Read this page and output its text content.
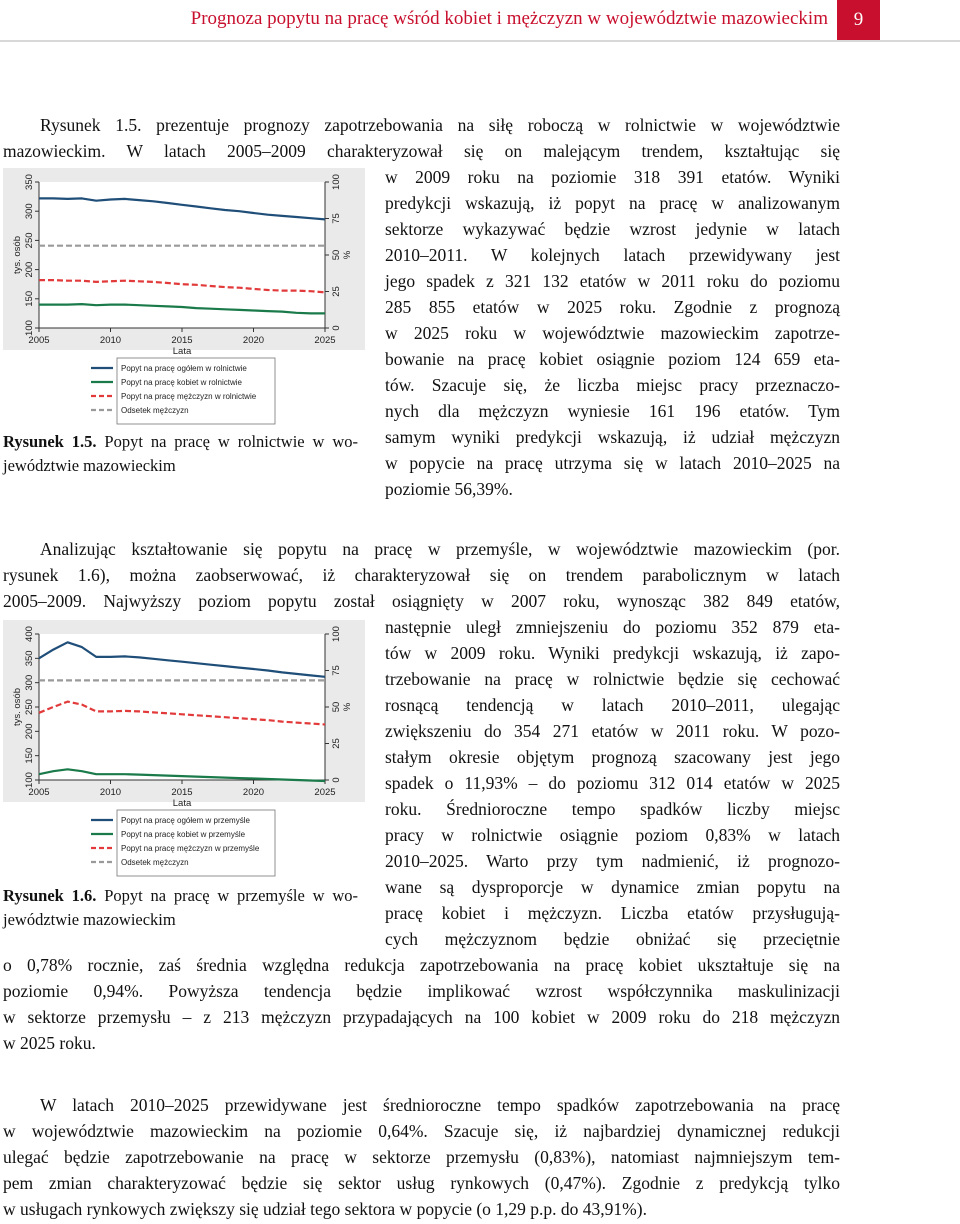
Prognoza popytu na pracę wśród kobiet i mężczyzn w województwie mazowieckim	9
Rysunek 1.5. prezentuje prognozy zapotrzebowania na siłę roboczą w rolnictwie w województwie
mazowieckim. W latach 2005–2009 charakteryzował się on malejącym trendem, kształtując się
w 2009 roku na poziomie 318 391 etatów. Wyniki
predykcji wskazują, iż popyt na pracę w analizowanym
sektorze wykazywać będzie wzrost jedynie w latach
2010–2011. W kolejnych latach przewidywany jest
jego spadek z 321 132 etatów w 2011 roku do poziomu
285 855 etatów w 2025 roku. Zgodnie z prognozą
w 2025 roku w województwie mazowieckim zapotrze-
bowanie na pracę kobiet osiągnie poziom 124 659 eta-
tów. Szacuje się, że liczba miejsc pracy przeznaczo-
nych dla mężczyzn wyniesie 161 196 etatów. Tym
samym wyniki predykcji wskazują, iż udział mężczyzn
w popycie na pracę utrzyma się w latach 2010–2025 na
poziomie 56,39%.
100
150
200
250
300
350
0
25
50
75
100
2005	2010	2015	2020	2025
tys. osób	%
Lata
Popyt na pracę ogółem w rolnictwie
Popyt na pracę kobiet w rolnictwie
Popyt na pracę mężczyzn w rolnictwie
Odsetek mężczyzn
Rysunek 1.5. Popyt na pracę w rolnictwie w wo-
jewództwie mazowieckim
Analizując kształtowanie się popytu na pracę w przemyśle, w województwie mazowieckim (por.
rysunek 1.6), można zaobserwować, iż charakteryzował się on trendem parabolicznym w latach
2005–2009. Najwyższy poziom popytu został osiągnięty w 2007 roku, wynosząc 382 849 etatów,
następnie uległ zmniejszeniu do poziomu 352 879 eta-
tów w 2009 roku. Wyniki predykcji wskazują, iż zapo-
trzebowanie na pracę w rolnictwie będzie się cechować
rosnącą tendencją w latach 2010–2011, ulegając
zwiększeniu do 354 271 etatów w 2011 roku. W pozo-
stałym okresie objętym prognozą szacowany jest jego
spadek o 11,93% – do poziomu 312 014 etatów w 2025
roku. Średnioroczne tempo spadków liczby miejsc
pracy w rolnictwie osiągnie poziom 0,83% w latach
2010–2025. Warto przy tym nadmienić, iż prognozo-
wane są dysproporcje w dynamice zmian popytu na
pracę kobiet i mężczyzn. Liczba etatów przysługują-
cych mężczyznom będzie obniżać się przeciętnie
o 0,78% rocznie, zaś średnia względna redukcja zapotrzebowania na pracę kobiet ukształtuje się na
poziomie 0,94%. Powyższa tendencja będzie implikować wzrost współczynnika maskulinizacji
w sektorze przemysłu – z 213 mężczyzn przypadających na 100 kobiet w 2009 roku do 218 mężczyzn
w 2025 roku.
100
150
200
250
300
350
400
0
25
50
75
100
2005	2010	2015	2020	2025
tys. osób	%
Lata
Popyt na pracę ogółem w przemyśle
Popyt na pracę kobiet w przemyśle
Popyt na pracę mężczyzn w przemyśle
Odsetek mężczyzn
Rysunek 1.6. Popyt na pracę w przemyśle w wo-
jewództwie mazowieckim
W latach 2010–2025 przewidywane jest średnioroczne tempo spadków zapotrzebowania na pracę
w województwie mazowieckim na poziomie 0,64%. Szacuje się, iż najbardziej dynamicznej redukcji
ulegać będzie zapotrzebowanie na pracę w sektorze przemysłu (0,83%), natomiast najmniejszym tem-
pem zmian charakteryzować będzie się sektor usług rynkowych (0,47%). Zgodnie z predykcją tylko
w usługach rynkowych zwiększy się udział tego sektora w popycie (o 1,29 p.p. do 43,91%).
